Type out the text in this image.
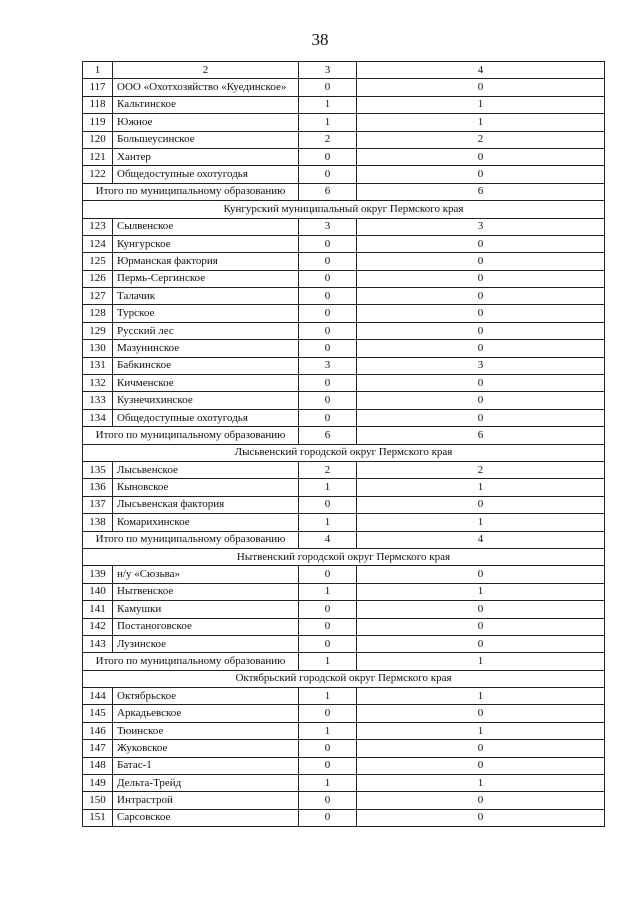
38
1	2	3	4
117	ООО «Охотхозяйство «Куединское»	0	0
118	Кальтинское	1	1
119	Южное	1	1
120	Большеусинское	2	2
121	Хантер	0	0
122	Общедоступные охотугодья	0	0
Итого по муниципальному образованию		6	6
Кунгурский муниципальный округ Пермского края			
123	Сылвенское	3	3
124	Кунгурское	0	0
125	Юрманская фактория	0	0
126	Пермь-Сергинское	0	0
127	Талачик	0	0
128	Турское	0	0
129	Русский лес	0	0
130	Мазунинское	0	0
131	Бабкинское	3	3
132	Кичменское	0	0
133	Кузнечихинское	0	0
134	Общедоступные охотугодья	0	0
Итого по муниципальному образованию		6	6
Лысьвенский городской округ Пермского края			
135	Лысьвенское	2	2
136	Кыновское	1	1
137	Лысьвенская фактория	0	0
138	Комарихинское	1	1
Итого по муниципальному образованию		4	4
Нытвенский городской округ Пермского края			
139	н/у «Сюзьва»	0	0
140	Нытвенское	1	1
141	Камушки	0	0
142	Постаноговское	0	0
143	Лузинское	0	0
Итого по муниципальному образованию		1	1
Октябрьский городской округ Пермского края			
144	Октябрьское	1	1
145	Аркадьевское	0	0
146	Тюинское	1	1
147	Жуковское	0	0
148	Батас-1	0	0
149	Дельта-Трейд	1	1
150	Интрастрой	0	0
151	Сарсовское	0	0
